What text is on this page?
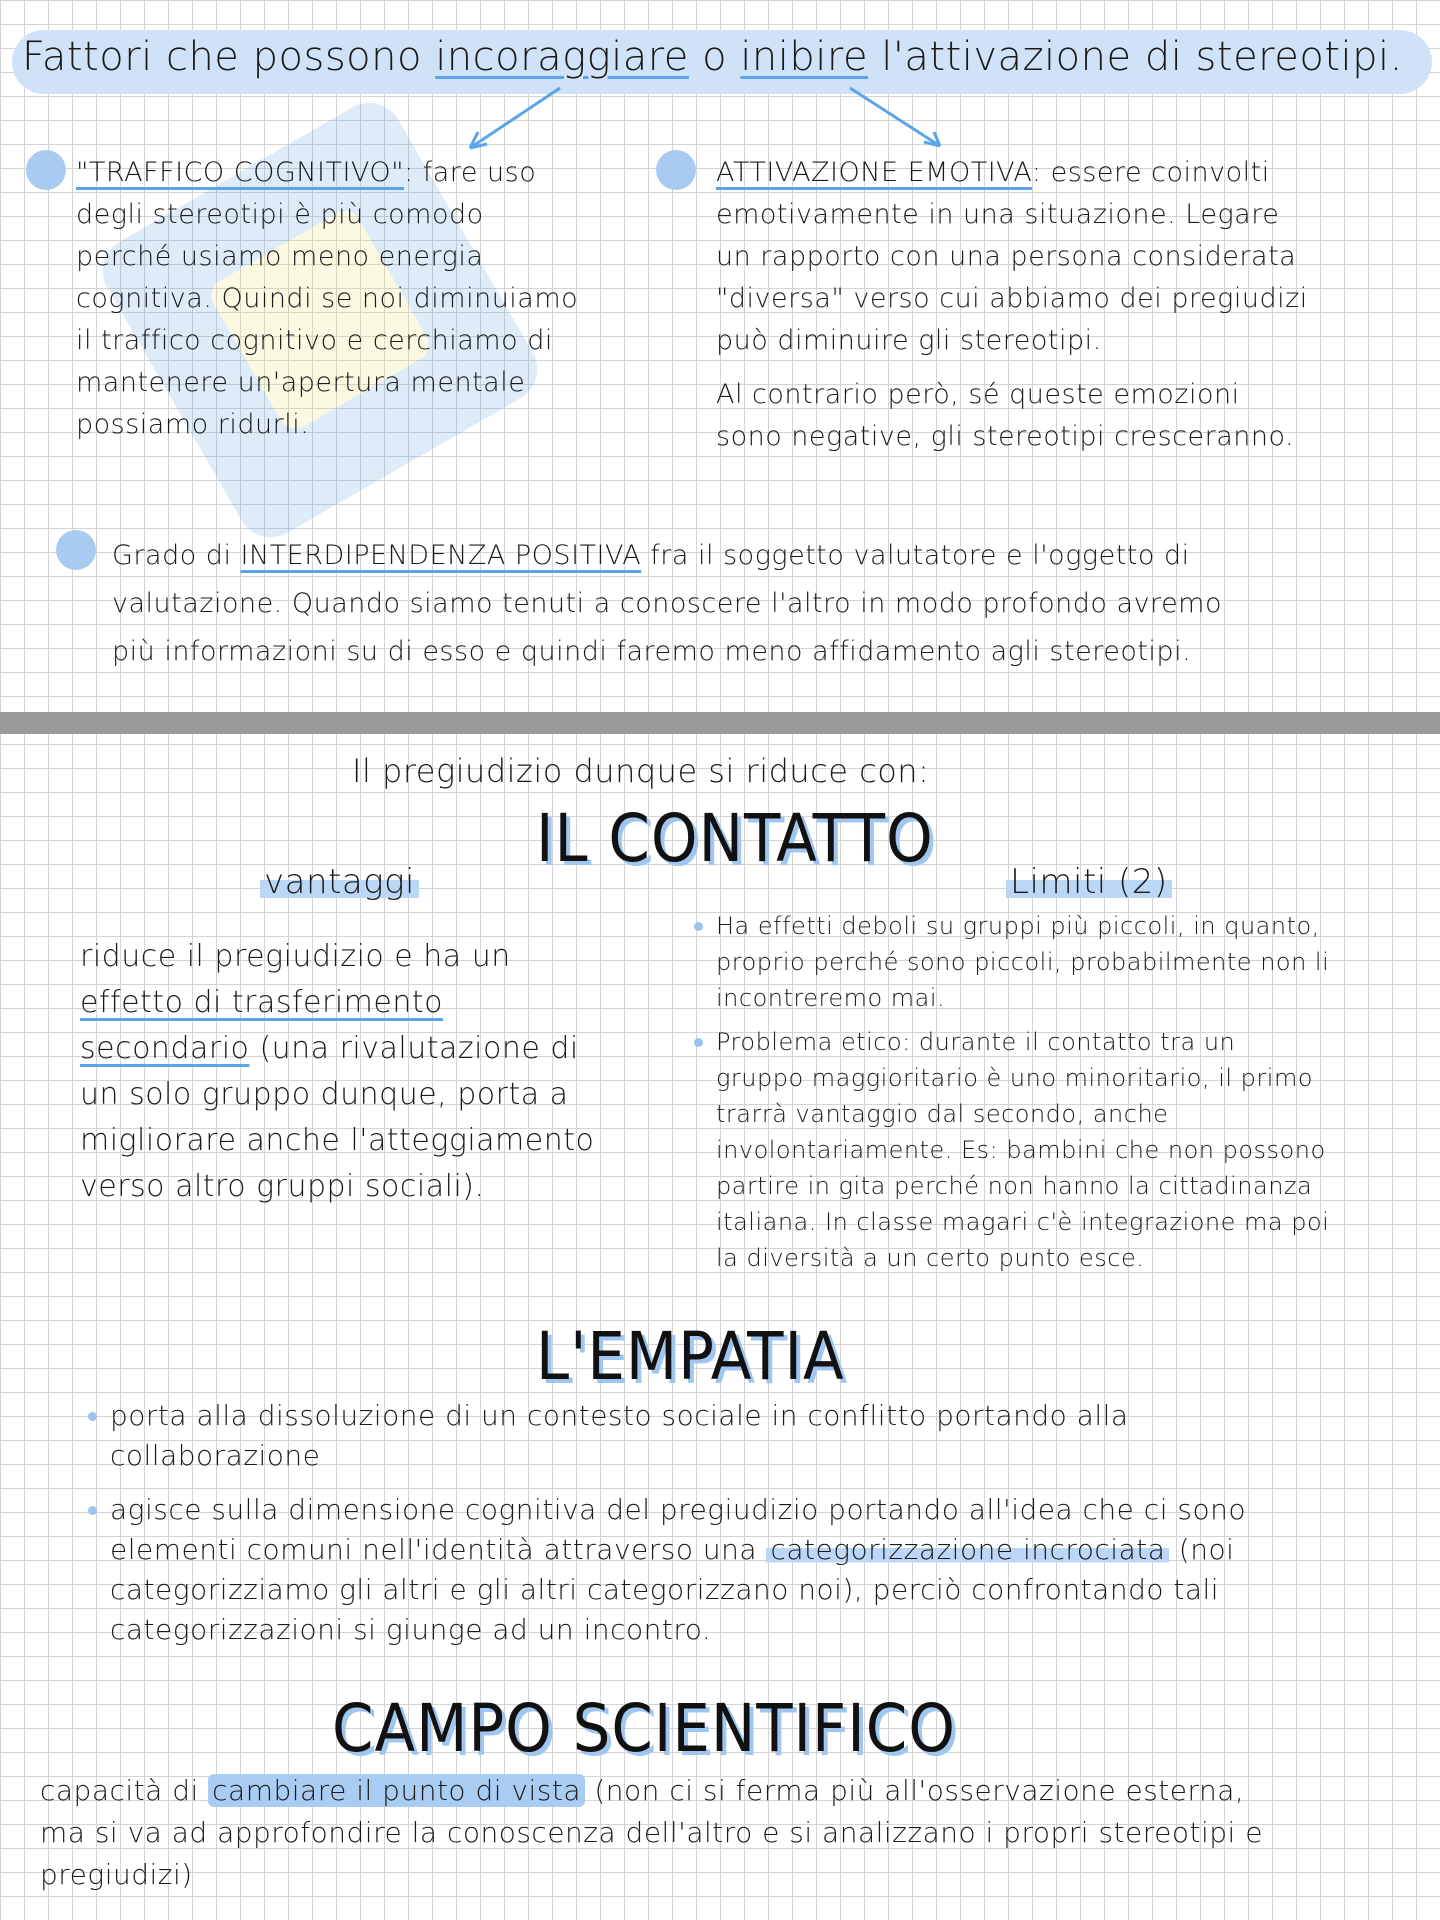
Fattori che possono incoraggiare o inibire l'attivazione di stereotipi.
"TRAFFICO COGNITIVO": fare uso
degli stereotipi è più comodo
perché usiamo meno energia
cognitiva. Quindi se noi diminuiamo
il traffico cognitivo e cerchiamo di
mantenere un'apertura mentale
possiamo ridurli.
ATTIVAZIONE EMOTIVA: essere coinvolti
emotivamente in una situazione. Legare
un rapporto con una persona considerata
"diversa" verso cui abbiamo dei pregiudizi
può diminuire gli stereotipi.
Al contrario però, sé queste emozioni
sono negative, gli stereotipi cresceranno.
Grado di INTERDIPENDENZA POSITIVA fra il soggetto valutatore e l'oggetto di
valutazione. Quando siamo tenuti a conoscere l'altro in modo profondo avremo
più informazioni su di esso e quindi faremo meno affidamento agli stereotipi.
Il pregiudizio dunque si riduce con:
IL CONTATTO
vantaggi	Limiti (2)
riduce il pregiudizio e ha un
effetto di trasferimento
secondario (una rivalutazione di
un solo gruppo dunque, porta a
migliorare anche l'atteggiamento
verso altro gruppi sociali).
Ha effetti deboli su gruppi più piccoli, in quanto,
proprio perché sono piccoli, probabilmente non li
incontreremo mai.
Problema etico: durante il contatto tra un
gruppo maggioritario è uno minoritario, il primo
trarrà vantaggio dal secondo, anche
involontariamente. Es: bambini che non possono
partire in gita perché non hanno la cittadinanza
italiana. In classe magari c'è integrazione ma poi
la diversità a un certo punto esce.
L'EMPATIA
porta alla dissoluzione di un contesto sociale in conflitto portando alla
collaborazione
agisce sulla dimensione cognitiva del pregiudizio portando all'idea che ci sono
elementi comuni nell'identità attraverso una categorizzazione incrociata (noi
categorizziamo gli altri e gli altri categorizzano noi), perciò confrontando tali
categorizzazioni si giunge ad un incontro.
CAMPO SCIENTIFICO
capacità di cambiare il punto di vista (non ci si ferma più all'osservazione esterna,
ma si va ad approfondire la conoscenza dell'altro e si analizzano i propri stereotipi e
pregiudizi)
